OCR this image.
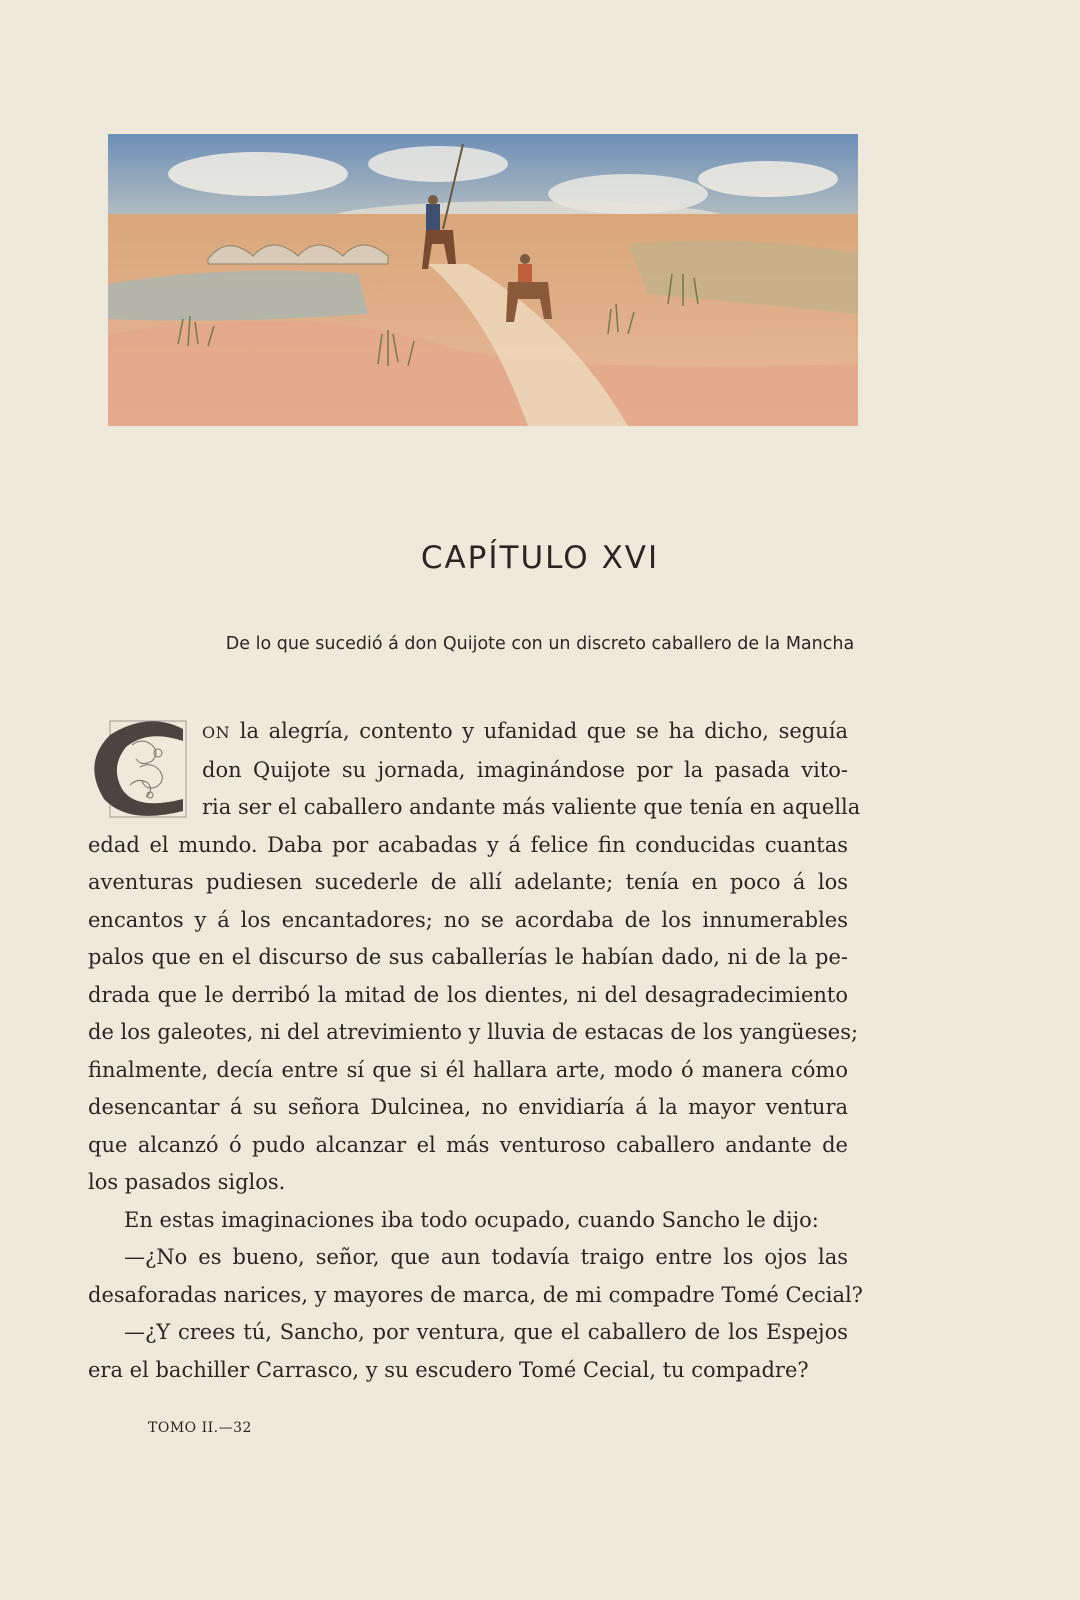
CAPÍTULO XVI
De lo que sucedió á don Quijote con un discreto caballero de la Mancha
ON la alegría, contento y ufanidad que se ha dicho, seguía
don Quijote su jornada, imaginándose por la pasada vito-
ria ser el caballero andante más valiente que tenía en aquella
edad el mundo. Daba por acabadas y á felice fin conducidas cuantas
aventuras pudiesen sucederle de allí adelante; tenía en poco á los
encantos y á los encantadores; no se acordaba de los innumerables
palos que en el discurso de sus caballerías le habían dado, ni de la pe-
drada que le derribó la mitad de los dientes, ni del desagradecimiento
de los galeotes, ni del atrevimiento y lluvia de estacas de los yangüeses;
finalmente, decía entre sí que si él hallara arte, modo ó manera cómo
desencantar á su señora Dulcinea, no envidiaría á la mayor ventura
que alcanzó ó pudo alcanzar el más venturoso caballero andante de
los pasados siglos.
En estas imaginaciones iba todo ocupado, cuando Sancho le dijo:
—¿No es bueno, señor, que aun todavía traigo entre los ojos las
desaforadas narices, y mayores de marca, de mi compadre Tomé Cecial?
—¿Y crees tú, Sancho, por ventura, que el caballero de los Espejos
era el bachiller Carrasco, y su escudero Tomé Cecial, tu compadre?
TOMO II.—32
